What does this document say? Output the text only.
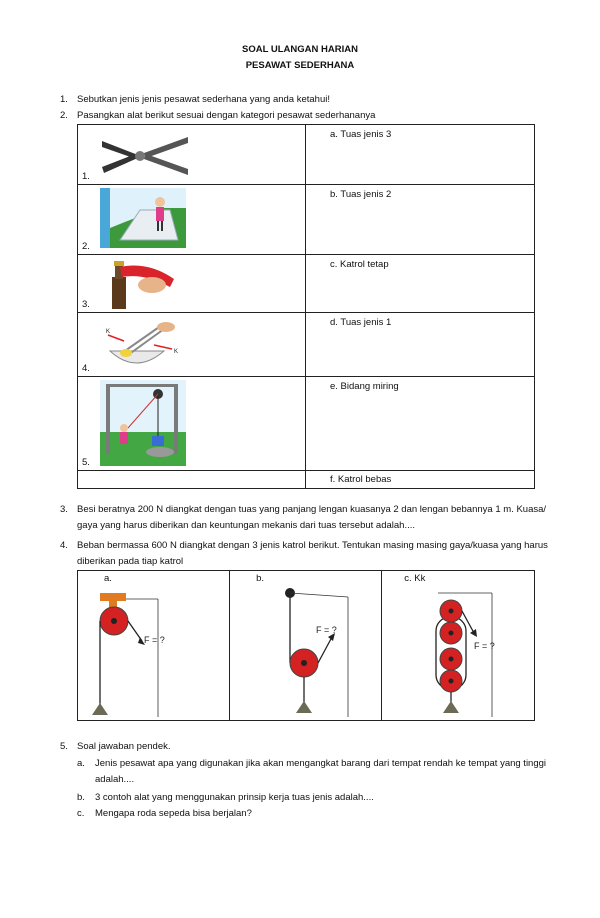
SOAL ULANGAN HARIAN
PESAWAT SEDERHANA
1. Sebutkan jenis jenis pesawat sederhana yang anda ketahui!
2. Pasangkan alat berikut sesuai dengan kategori pesawat sederhananya
1.	a. Tuas jenis 3

2.	b. Tuas jenis 2

3.	c. Katrol tetap

K
K
4.	d. Tuas jenis 1

5.	e. Bidang miring

	f. Katrol bebas
3. Besi beratnya 200 N diangkat dengan tuas yang panjang lengan kuasanya 2 dan lengan bebannya 1 m. Kuasa/ gaya yang harus diberikan dan keuntungan mekanis dari tuas tersebut adalah....
4. Beban bermassa 600 N diangkat dengan 3 jenis katrol berikut. Tentukan masing masing gaya/kuasa yang harus diberikan pada tiap katrol
a.
F = ?

b.
F = ?

c. Kk
F = ?
5. Soal jawaban pendek.
a. Jenis pesawat apa yang digunakan jika akan mengangkat barang dari tempat rendah ke tempat yang tinggi adalah....
b. 3 contoh alat yang menggunakan prinsip kerja tuas jenis adalah....
c. Mengapa roda sepeda bisa berjalan?
